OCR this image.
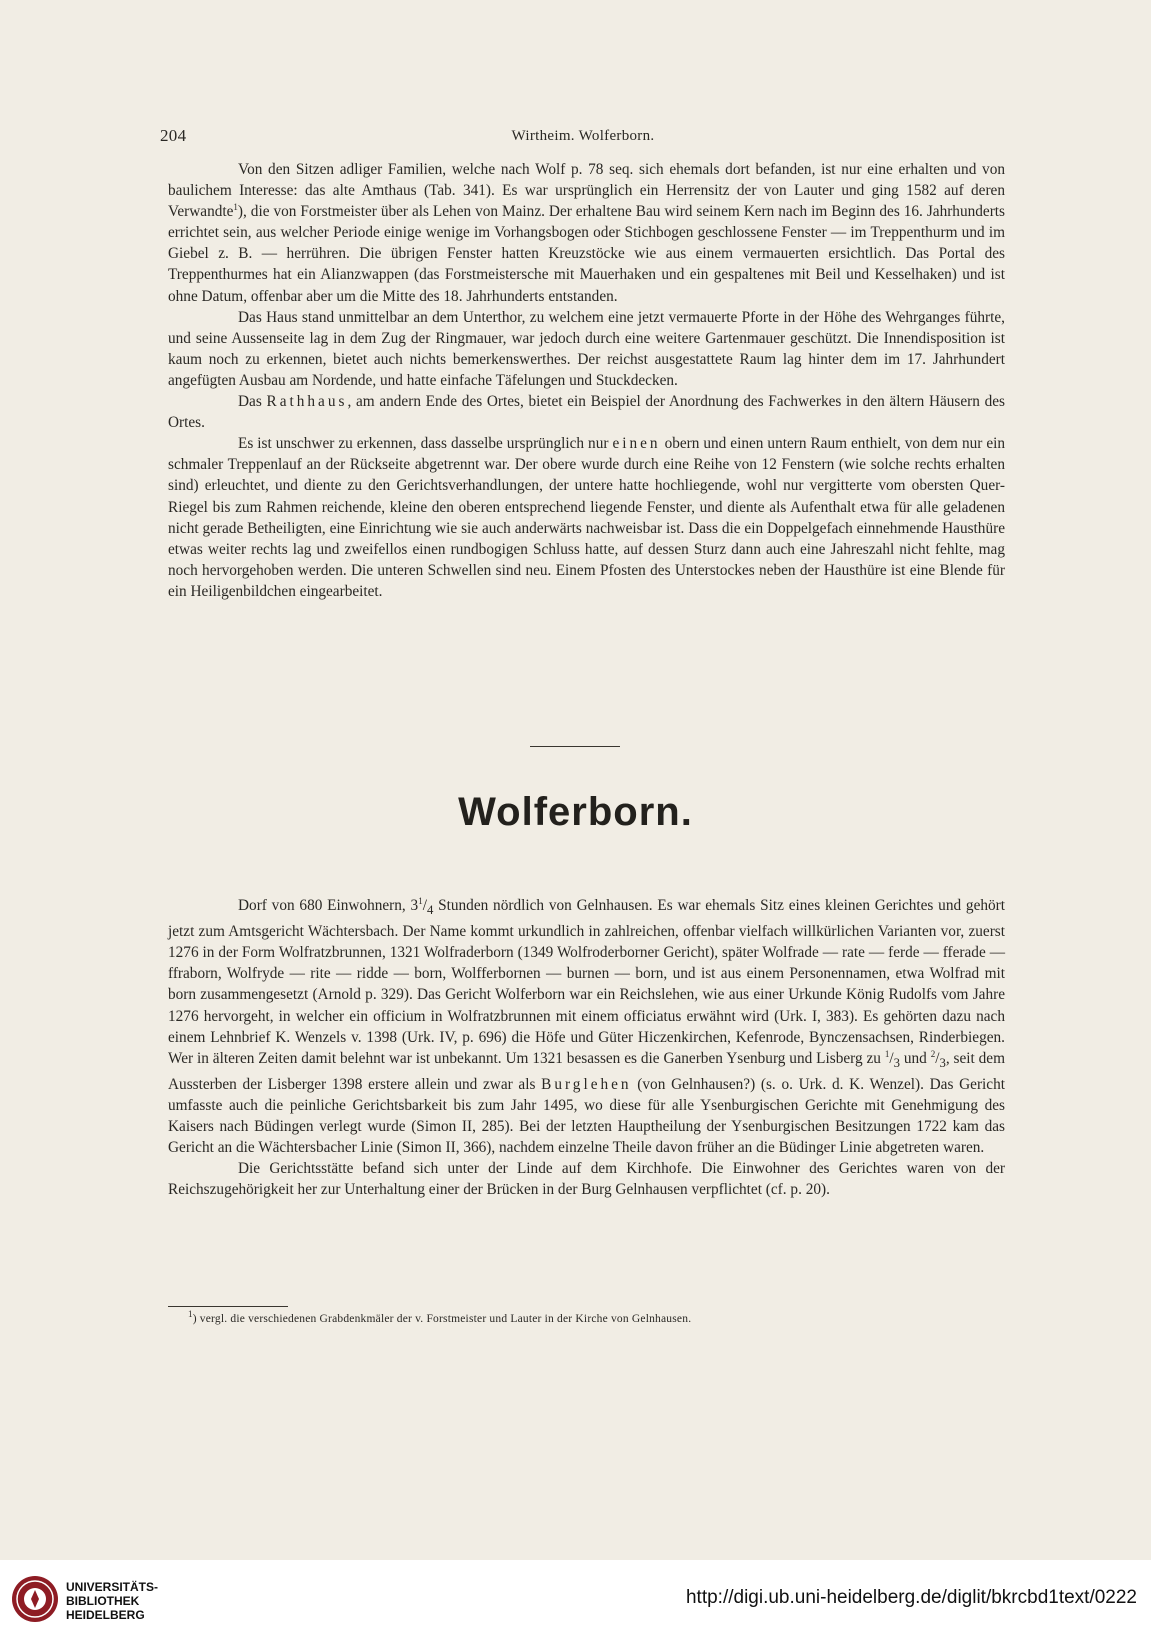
204	Wirtheim. Wolferborn.

Von den Sitzen adliger Familien, welche nach Wolf p. 78 seq. sich ehemals dort befanden, ist nur eine erhalten und von baulichem Interesse: das alte Amthaus (Tab. 341). Es war ursprünglich ein Herrensitz der von Lauter und ging 1582 auf deren Verwandte$^1$), die von Forstmeister über als Lehen von Mainz. Der erhaltene Bau wird seinem Kern nach im Beginn des 16. Jahrhunderts errichtet sein, aus welcher Periode einige wenige im Vorhangsbogen oder Stichbogen geschlossene Fenster — im Treppenthurm und im Giebel z. B. — herrühren. Die übrigen Fenster hatten Kreuzstöcke wie aus einem vermauerten ersichtlich. Das Portal des Treppenthurmes hat ein Alianzwappen (das Forstmeistersche mit Mauerhaken und ein gespaltenes mit Beil und Kesselhaken) und ist ohne Datum, offenbar aber um die Mitte des 18. Jahrhunderts entstanden.

Das Haus stand unmittelbar an dem Unterthor, zu welchem eine jetzt vermauerte Pforte in der Höhe des Wehrganges führte, und seine Aussenseite lag in dem Zug der Ringmauer, war jedoch durch eine weitere Gartenmauer geschützt. Die Innendisposition ist kaum noch zu erkennen, bietet auch nichts bemerkenswerthes. Der reichst ausgestattete Raum lag hinter dem im 17. Jahrhundert angefügten Ausbau am Nordende, und hatte einfache Täfelungen und Stuckdecken.

Das Rathhaus, am andern Ende des Ortes, bietet ein Beispiel der Anordnung des Fachwerkes in den ältern Häusern des Ortes.

Es ist unschwer zu erkennen, dass dasselbe ursprünglich nur einen obern und einen untern Raum enthielt, von dem nur ein schmaler Treppenlauf an der Rückseite abgetrennt war. Der obere wurde durch eine Reihe von 12 Fenstern (wie solche rechts erhalten sind) erleuchtet, und diente zu den Gerichtsverhandlungen, der untere hatte hochliegende, wohl nur vergitterte vom obersten Quer-Riegel bis zum Rahmen reichende, kleine den oberen entsprechend liegende Fenster, und diente als Aufenthalt etwa für alle geladenen nicht gerade Betheiligten, eine Einrichtung wie sie auch anderwärts nachweisbar ist. Dass die ein Doppelgefach einnehmende Hausthüre etwas weiter rechts lag und zweifellos einen rundbogigen Schluss hatte, auf dessen Sturz dann auch eine Jahreszahl nicht fehlte, mag noch hervorgehoben werden. Die unteren Schwellen sind neu. Einem Pfosten des Unterstockes neben der Hausthüre ist eine Blende für ein Heiligenbildchen eingearbeitet.

Wolferborn.

Dorf von 680 Einwohnern, $3^1/_4$ Stunden nördlich von Gelnhausen. Es war ehemals Sitz eines kleinen Gerichtes und gehört jetzt zum Amtsgericht Wächtersbach. Der Name kommt urkundlich in zahlreichen, offenbar vielfach willkürlichen Varianten vor, zuerst 1276 in der Form Wolfratzbrunnen, 1321 Wolfraderborn (1349 Wolfroderborner Gericht), später Wolfrade — rate — ferde — fferade — ffraborn, Wolfryde — rite — ridde — born, Wolfferbornen — burnen — born, und ist aus einem Personennamen, etwa Wolfrad mit born zusammengesetzt (Arnold p. 329). Das Gericht Wolferborn war ein Reichslehen, wie aus einer Urkunde König Rudolfs vom Jahre 1276 hervorgeht, in welcher ein officium in Wolfratzbrunnen mit einem officiatus erwähnt wird (Urk. I, 383). Es gehörten dazu nach einem Lehnbrief K. Wenzels v. 1398 (Urk. IV, p. 696) die Höfe und Güter Hiczenkirchen, Kefenrode, Bynczensachsen, Rinderbiegen. Wer in älteren Zeiten damit belehnt war ist unbekannt. Um 1321 besassen es die Ganerben Ysenburg und Lisberg zu $^1/_3$ und $^2/_3$, seit dem Aussterben der Lisberger 1398 erstere allein und zwar als Burglehen (von Gelnhausen?) (s. o. Urk. d. K. Wenzel). Das Gericht umfasste auch die peinliche Gerichtsbarkeit bis zum Jahr 1495, wo diese für alle Ysenburgischen Gerichte mit Genehmigung des Kaisers nach Büdingen verlegt wurde (Simon II, 285). Bei der letzten Hauptheilung der Ysenburgischen Besitzungen 1722 kam das Gericht an die Wächtersbacher Linie (Simon II, 366), nachdem einzelne Theile davon früher an die Büdinger Linie abgetreten waren.

Die Gerichtsstätte befand sich unter der Linde auf dem Kirchhofe. Die Einwohner des Gerichtes waren von der Reichszugehörigkeit her zur Unterhaltung einer der Brücken in der Burg Gelnhausen verpflichtet (cf. p. 20).

$^1$) vergl. die verschiedenen Grabdenkmäler der v. Forstmeister und Lauter in der Kirche von Gelnhausen.
UNIVERSITÄTS-
BIBLIOTHEK
HEIDELBERG
http://digi.ub.uni-heidelberg.de/diglit/bkrcbd1text/0222
